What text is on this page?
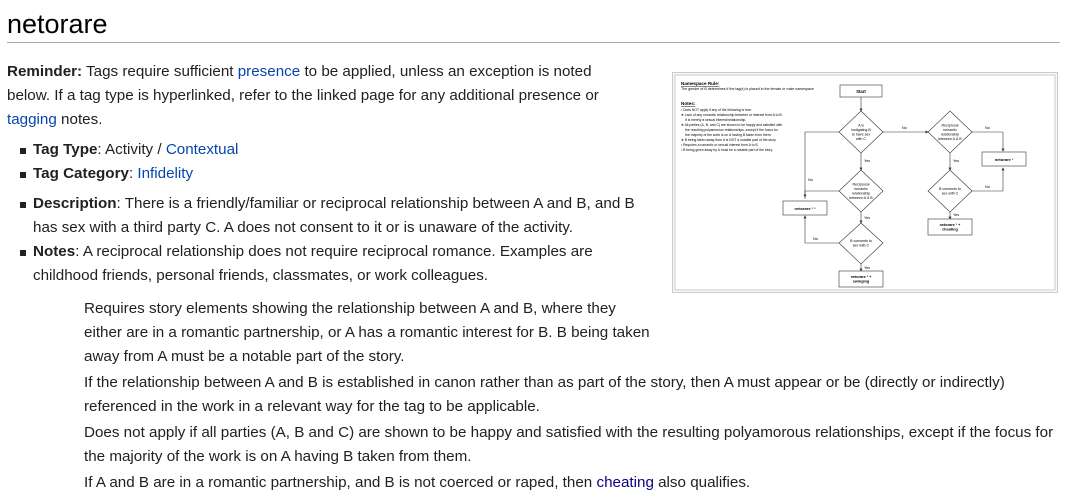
netorare

Reminder: Tags require sufficient presence to be applied, unless an exception is noted below. If a tag type is hyperlinked, refer to the linked page for any additional presence or tagging notes.

Tag Type: Activity / Contextual
Tag Category: Infidelity
Description: There is a friendly/familiar or reciprocal relationship between A and B, and B has sex with a third party C. A does not consent to it or is unaware of the activity.
Notes: A reciprocal relationship does not require reciprocal romance. Examples are childhood friends, personal friends, classmates, or work colleagues.

Requires story elements showing the relationship between A and B, where they either are in a romantic partnership, or A has a romantic interest for B. B being taken away from A must be a notable part of the story.

If the relationship between A and B is established in canon rather than as part of the story, then A must appear or be (directly or indirectly) referenced in the work in a relevant way for the tag to be applicable.

Does not apply if all parties (A, B and C) are shown to be happy and satisfied with the resulting polyamorous relationships, except if the focus for the majority of the work is on A having B taken from them.

If A and B are in a romantic partnership, and B is not coerced or raped, then cheating also qualifies.

Namespace Rule:
The gender of B determines if the tag(s) is placed in the female or male namespace
Notes:
¹ Does NOT apply if any of the following is true:
➤ Lack of any romantic relationship between or interest from A to B.
It is merely a sexual interest/relationship.
➤ All parties (A, B, and C) are shown to be happy and satisfied with
the resulting polyamorous relationships, except if the focus for
the majority of the work is on A having B taken from them.
➤ B being taken away from A is NOT a notable part of the story.
² Requires a romantic or sexual interest from A to B.
³ B being given away by A must be a notable part of the story.
Start
A is
instigating B
to have sex
with C
Reciprocal
romantic
relationship
between A & B
Reciprocal
romantic
relationship
between A & B
B consents to
sex with C
B consents to
sex with C
netorare ¹
netorare ¹ ³
netorare ¹ +
cheating
netorare ¹ +
swinging
Yes
No
No
No
Yes
No
Yes
Yes
No
Yes
